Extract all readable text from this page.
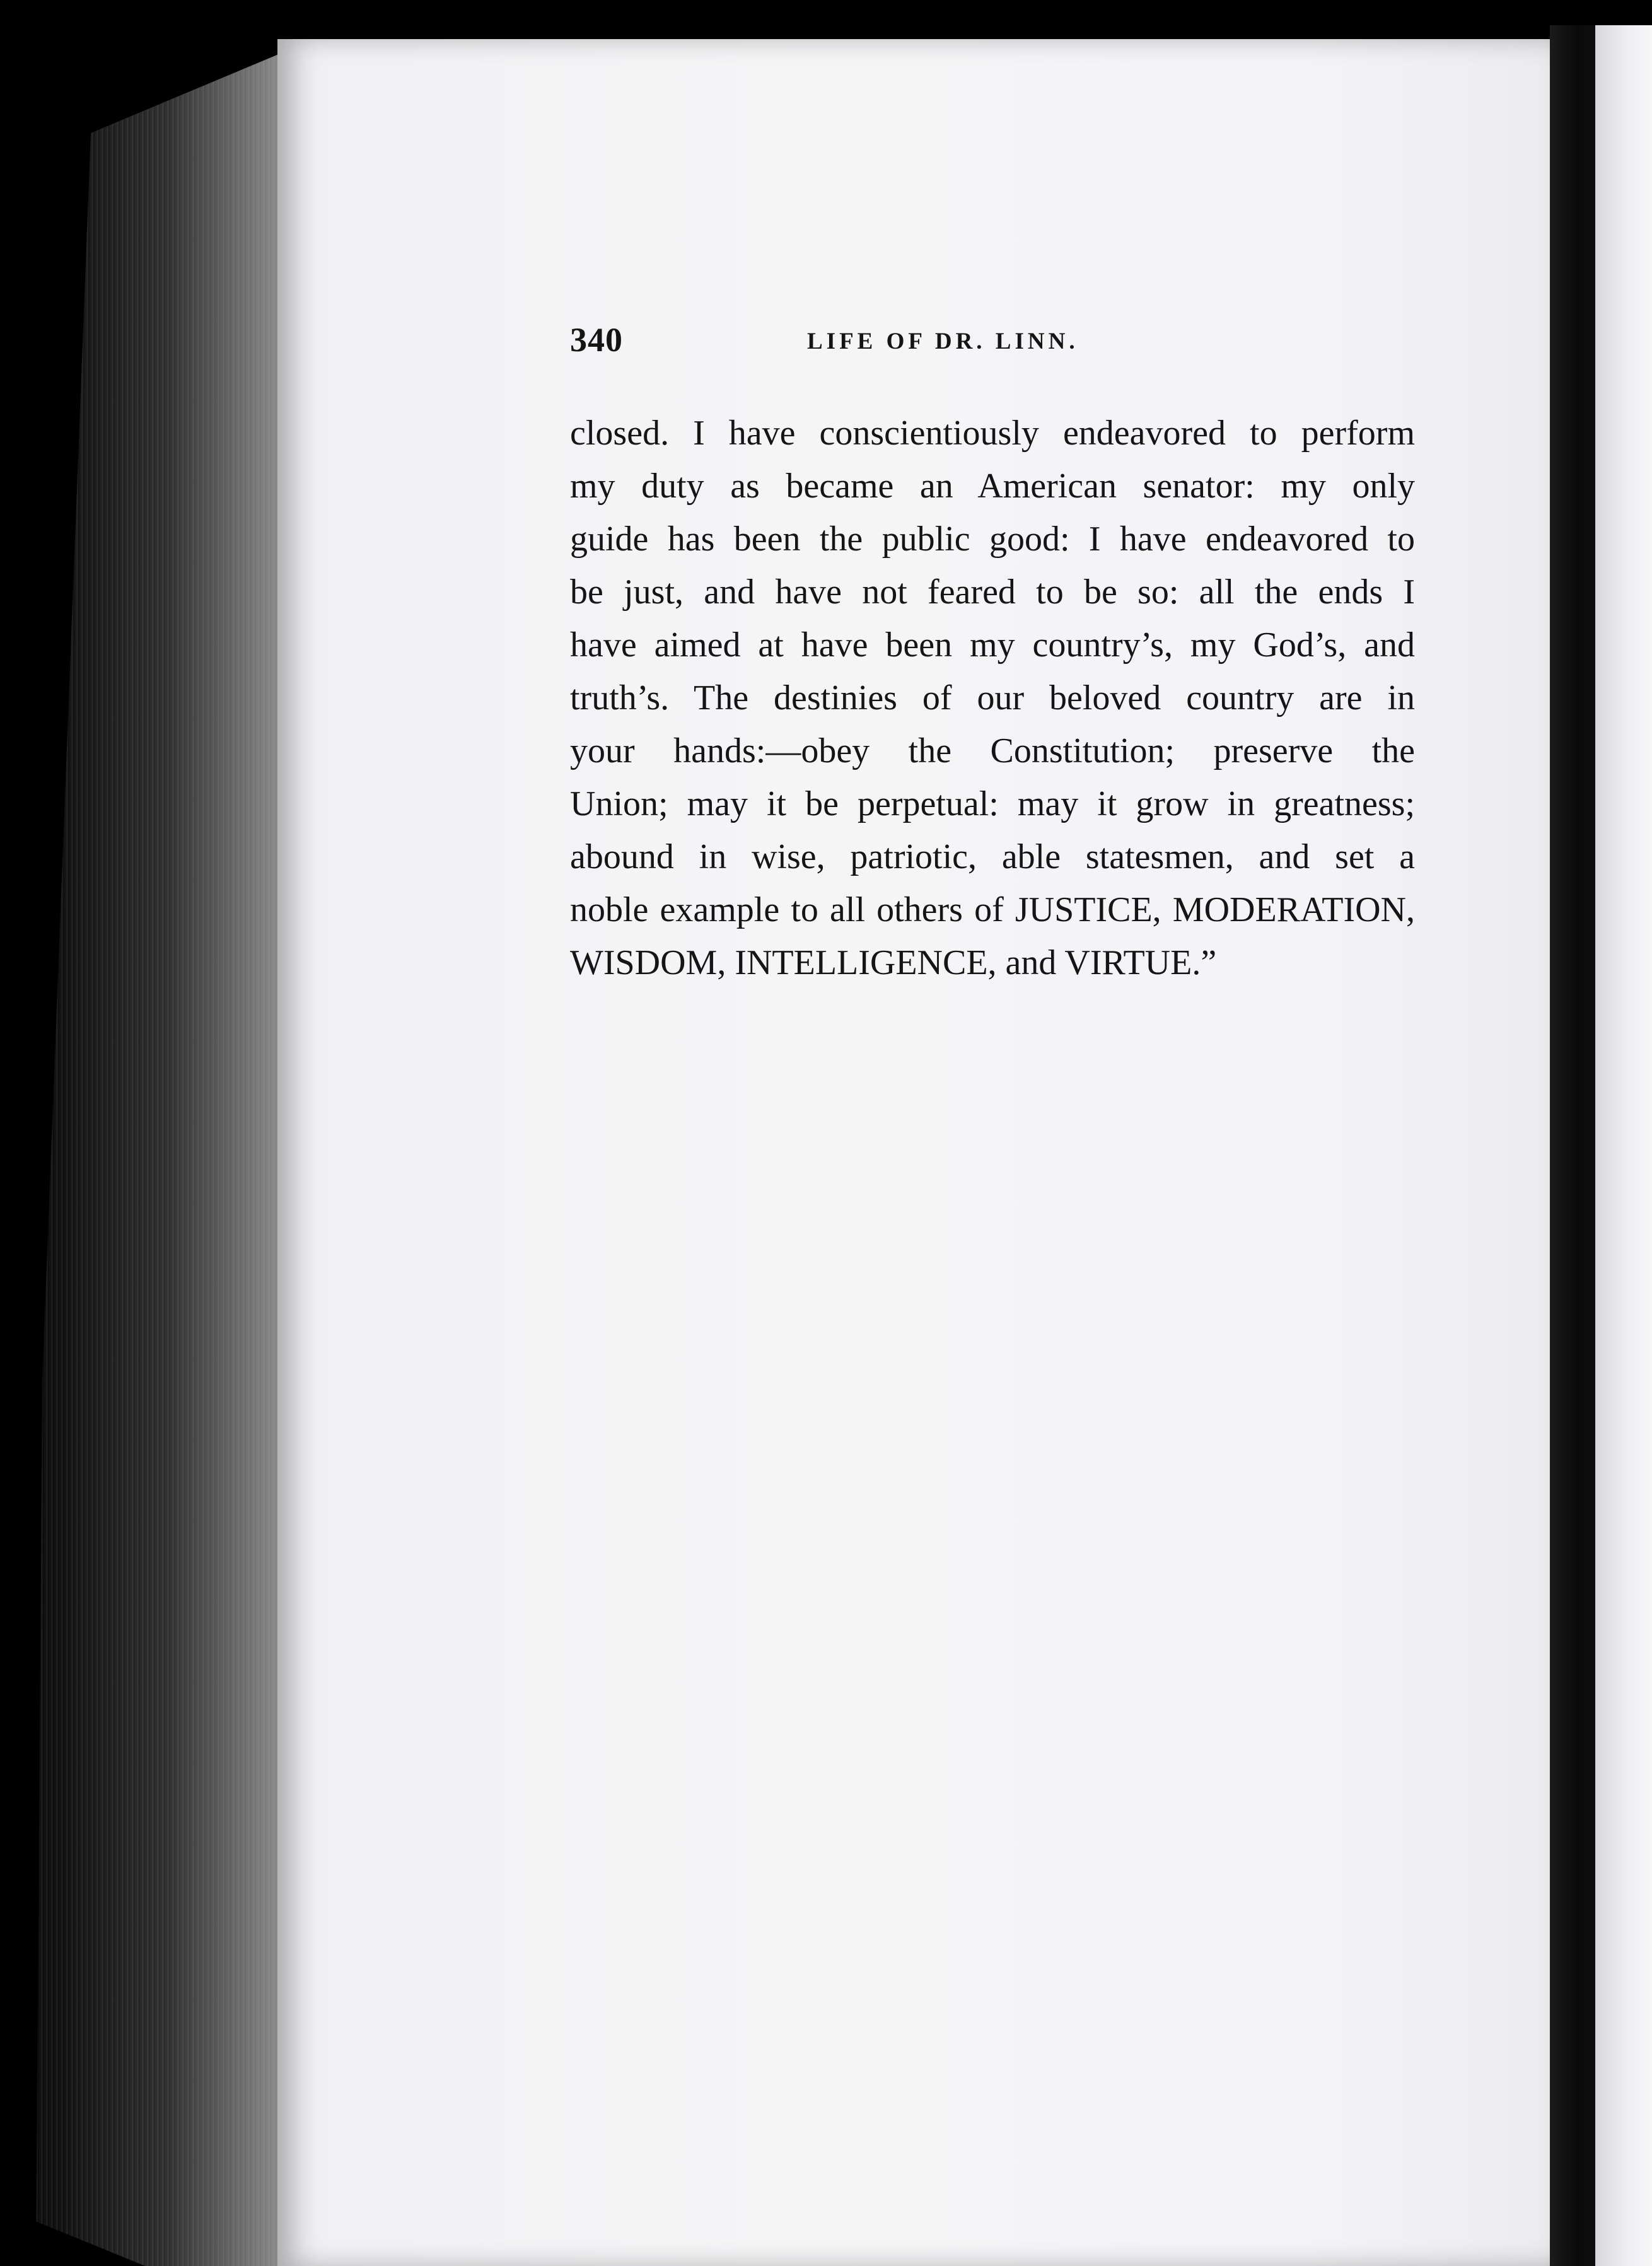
340	LIFE OF DR. LINN.
closed. I have conscientiously endeavored to perform
my duty as became an American senator: my only
guide has been the public good: I have endeavored to
be just, and have not feared to be so: all the ends I
have aimed at have been my country’s, my God’s, and
truth’s. The destinies of our beloved country are in
your hands:—obey the Constitution; preserve the
Union; may it be perpetual: may it grow in greatness;
abound in wise, patriotic, able statesmen, and set a
noble example to all others of JUSTICE, MODERATION,
WISDOM, INTELLIGENCE, and VIRTUE.”
